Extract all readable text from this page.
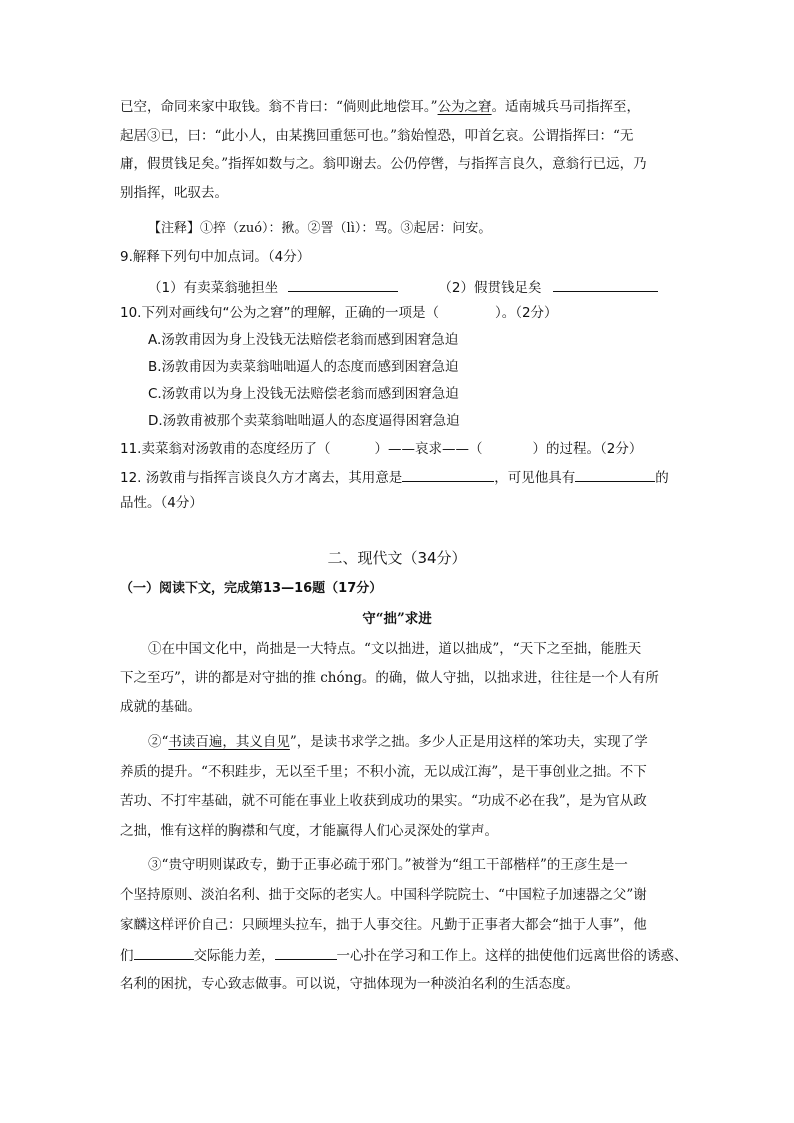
已空，命同来家中取钱。翁不肯曰：“倘则此地偿耳。”公为之窘。适南城兵马司指挥至，
起居③已，曰：“此小人，由某携回重惩可也。”翁始惶恐，叩首乞哀。公谓指挥曰：“无
庸，假贯钱足矣。”指挥如数与之。翁叩谢去。公仍停辔，与指挥言良久，意翁行已远，乃
别指挥，叱驭去。
【注释】①捽（zuó）：揪。②詈（lì）：骂。③起居：问安。
9.解释下列句中加点词。（4分）
（1）有卖菜翁驰担坐	（2）假贯钱足矣
10.下列对画线句“公为之窘”的理解，正确的一项是（	）。（2分）
A.汤敦甫因为身上没钱无法赔偿老翁而感到困窘急迫
B.汤敦甫因为卖菜翁咄咄逼人的态度而感到困窘急迫
C.汤敦甫以为身上没钱无法赔偿老翁而感到困窘急迫
D.汤敦甫被那个卖菜翁咄咄逼人的态度逼得困窘急迫
11.卖菜翁对汤敦甫的态度经历了（	）——哀求——（	）的过程。（2分）
12. 汤敦甫与指挥言谈良久方才离去，其用意是	，可见他具有	的
品性。（4分）
二、现代文（34分）
（一）阅读下文，完成第13—16题（17分）
守“拙”求进
①在中国文化中，尚拙是一大特点。“文以拙进，道以拙成”，“天下之至拙，能胜天
下之至巧”，讲的都是对守拙的推 chóng。的确，做人守拙，以拙求进，往往是一个人有所
成就的基础。
②“书读百遍，其义自见”，是读书求学之拙。多少人正是用这样的笨功夫，实现了学
养质的提升。“不积跬步，无以至千里；不积小流，无以成江海”，是干事创业之拙。不下
苦功、不打牢基础，就不可能在事业上收获到成功的果实。“功成不必在我”，是为官从政
之拙，惟有这样的胸襟和气度，才能赢得人们心灵深处的掌声。
③“贵守明则谋政专，勤于正事必疏于邪门。”被誉为“组工干部楷样”的王彦生是一
个坚持原则、淡泊名利、拙于交际的老实人。中国科学院院士、“中国粒子加速器之父”谢
家麟这样评价自己：只顾埋头拉车，拙于人事交往。凡勤于正事者大都会“拙于人事”，他
们	交际能力差，	一心扑在学习和工作上。这样的拙使他们远离世俗的诱惑、
名利的困扰，专心致志做事。可以说，守拙体现为一种淡泊名利的生活态度。
